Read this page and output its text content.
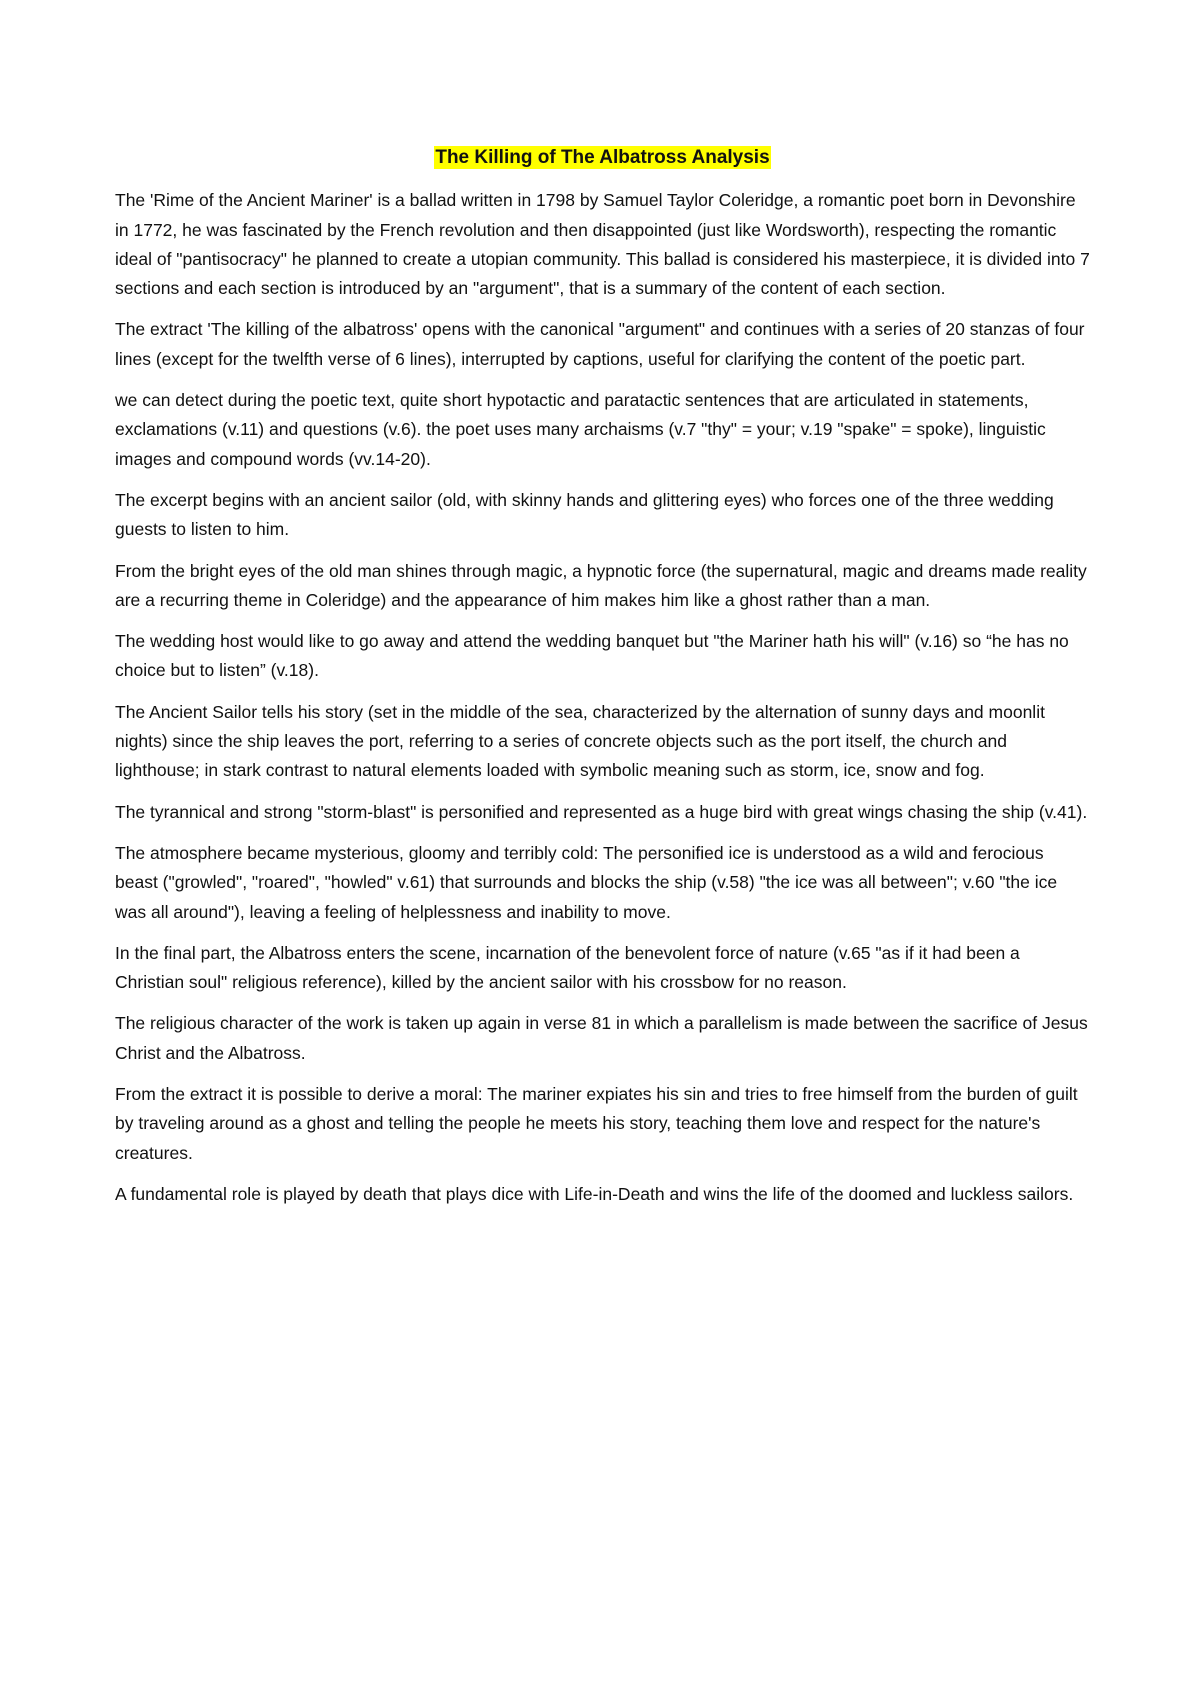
The Killing of The Albatross Analysis

The 'Rime of the Ancient Mariner' is a ballad written in 1798 by Samuel Taylor Coleridge, a romantic poet born in Devonshire in 1772, he was fascinated by the French revolution and then disappointed (just like Wordsworth), respecting the romantic ideal of "pantisocracy" he planned to create a utopian community. This ballad is considered his masterpiece, it is divided into 7 sections and each section is introduced by an "argument", that is a summary of the content of each section.

The extract 'The killing of the albatross' opens with the canonical "argument" and continues with a series of 20 stanzas of four lines (except for the twelfth verse of 6 lines), interrupted by captions, useful for clarifying the content of the poetic part.

we can detect during the poetic text, quite short hypotactic and paratactic sentences that are articulated in statements, exclamations (v.11) and questions (v.6). the poet uses many archaisms (v.7 "thy" = your; v.19 "spake" = spoke), linguistic images and compound words (vv.14-20).

The excerpt begins with an ancient sailor (old, with skinny hands and glittering eyes) who forces one of the three wedding guests to listen to him.

From the bright eyes of the old man shines through magic, a hypnotic force (the supernatural, magic and dreams made reality are a recurring theme in Coleridge) and the appearance of him makes him like a ghost rather than a man.

The wedding host would like to go away and attend the wedding banquet but "the Mariner hath his will" (v.16) so “he has no choice but to listen” (v.18).

The Ancient Sailor tells his story (set in the middle of the sea, characterized by the alternation of sunny days and moonlit nights) since the ship leaves the port, referring to a series of concrete objects such as the port itself, the church and lighthouse; in stark contrast to natural elements loaded with symbolic meaning such as storm, ice, snow and fog.

The tyrannical and strong "storm-blast" is personified and represented as a huge bird with great wings chasing the ship (v.41).

The atmosphere became mysterious, gloomy and terribly cold: The personified ice is understood as a wild and ferocious beast ("growled", "roared", "howled" v.61) that surrounds and blocks the ship (v.58) "the ice was all between"; v.60 "the ice was all around"), leaving a feeling of helplessness and inability to move.

In the final part, the Albatross enters the scene, incarnation of the benevolent force of nature (v.65 "as if it had been a Christian soul" religious reference), killed by the ancient sailor with his crossbow for no reason.

The religious character of the work is taken up again in verse 81 in which a parallelism is made between the sacrifice of Jesus Christ and the Albatross.

From the extract it is possible to derive a moral: The mariner expiates his sin and tries to free himself from the burden of guilt by traveling around as a ghost and telling the people he meets his story, teaching them love and respect for the nature's creatures.

A fundamental role is played by death that plays dice with Life-in-Death and wins the life of the doomed and luckless sailors.
